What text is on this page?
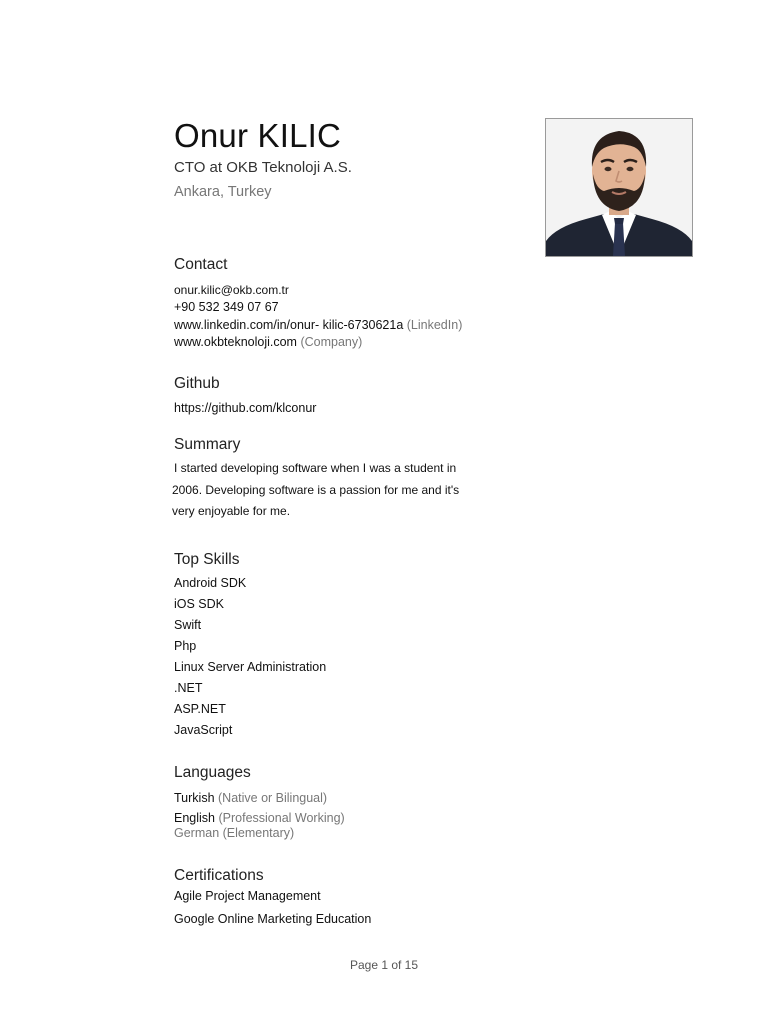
Onur KILIC
CTO at OKB Teknoloji A.S.
Ankara, Turkey
Contact
onur.kilic@okb.com.tr
+90 532 349 07 67
www.linkedin.com/in/onur- kilic-6730621a (LinkedIn)
www.okbteknoloji.com (Company)
Github
https://github.com/klconur
Summary
I started developing software when I was a student in
2006. Developing software is a passion for me and it's
very enjoyable for me.
Top Skills
Android SDK
iOS SDK
Swift
Php
Linux Server Administration
.NET
ASP.NET
JavaScript
Languages
Turkish (Native or Bilingual)
English (Professional Working)
German (Elementary)
Certifications
Agile Project Management
Google Online Marketing Education
Page 1 of 15
